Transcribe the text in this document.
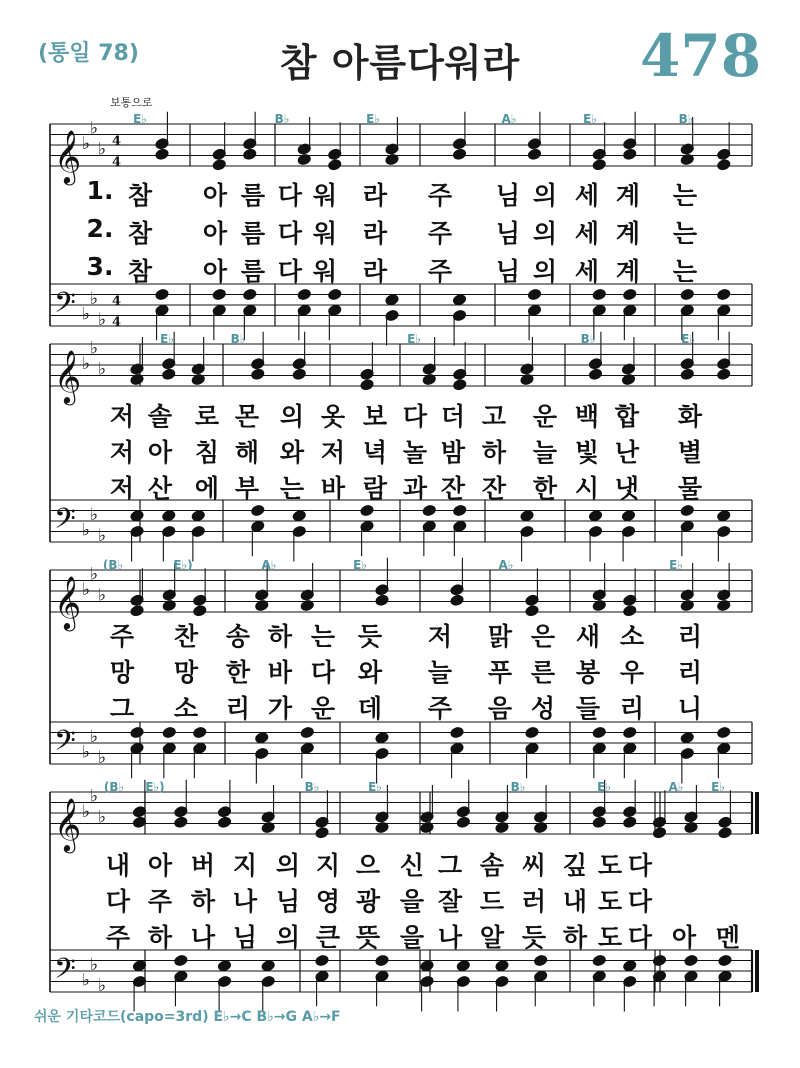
(통일 78)	참 아름다워라	478
보통으로
𝄞 ♭
♭
♭
𝄢 ♭
♭
♭
4
4
4
4
𝄞 ♭
♭
♭
𝄢 ♭
♭
♭
𝄞 ♭
♭
♭
𝄢 ♭
♭
♭
𝄞 ♭
♭
♭
𝄢 ♭
♭
♭
E♭	B♭	E♭	A♭	E♭	B♭
E♭	B♭	E♭	B♭	E♭
(B♭	E♭)	A♭	E♭	A♭	E♭
(B♭ E♭)	B♭	E♭	B♭	E♭	A♭ E♭
1. 참 아 름 다 워 라 주 님 의 세 계 는
2. 참 아 름 다 워 라 주 님 의 세 계 는
3. 참 아 름 다 워 라 주 님 의 세 계 는
저 솔 로 몬 의 옷 보 다 더 고 운 백 합 화
저 아 침 해 와 저 녁 놀 밤 하 늘 빛 난 별
저 산 에 부 는 바 람 과 잔 잔 한 시 냇 물
주 찬 송 하 는 듯 저 맑 은 새 소 리
망 망 한 바 다 와 늘 푸 른 봉 우 리
그 소 리 가 운 데 주 음 성 들 리 니
내 아 버 지 의 지 으 신 그 솜 씨 깊 도 다
다 주 하 나 님 영 광 을 잘 드 러 내 도 다
주 하 나 님 의 큰 뜻 을 나 알 듯 하 도 다 아 멘
쉬운 기타코드(capo=3rd) E♭→C B♭→G A♭→F
